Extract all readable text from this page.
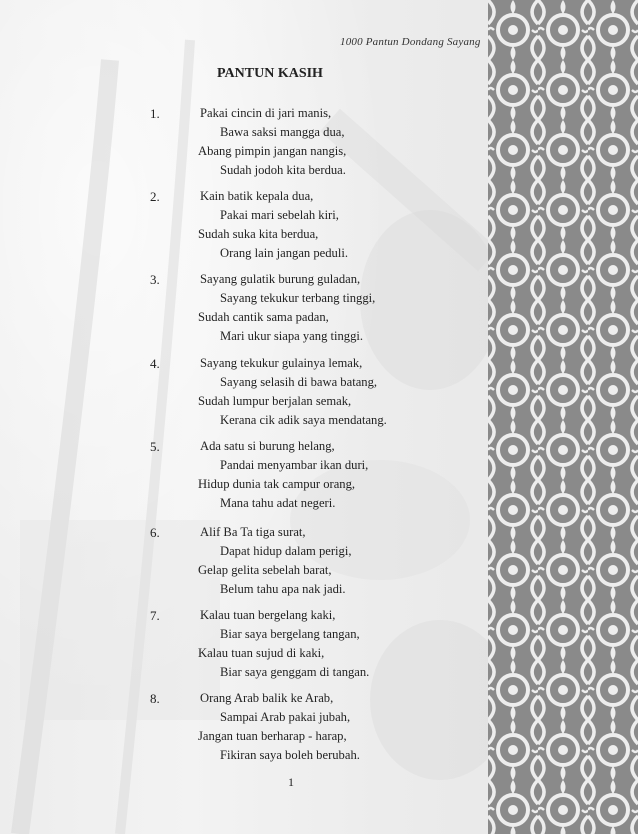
1000 Pantun Dondang Sayang
PANTUN KASIH
1.	Pakai cincin di jari manis,
Bawa saksi mangga dua,
Abang pimpin jangan nangis,
Sudah jodoh kita berdua.
2.	Kain batik kepala dua,
Pakai mari sebelah kiri,
Sudah suka kita berdua,
Orang lain jangan peduli.
3.	Sayang gulatik burung guladan,
Sayang tekukur terbang tinggi,
Sudah cantik sama padan,
Mari ukur siapa yang tinggi.
4.	Sayang tekukur gulainya lemak,
Sayang selasih di bawa batang,
Sudah lumpur berjalan semak,
Kerana cik adik saya mendatang.
5.	Ada satu si burung helang,
Pandai menyambar ikan duri,
Hidup dunia tak campur orang,
Mana tahu adat negeri.
6.	Alif Ba Ta tiga surat,
Dapat hidup dalam perigi,
Gelap gelita sebelah barat,
Belum tahu apa nak jadi.
7.	Kalau tuan bergelang kaki,
Biar saya bergelang tangan,
Kalau tuan sujud di kaki,
Biar saya genggam di tangan.
8.	Orang Arab balik ke Arab,
Sampai Arab pakai jubah,
Jangan tuan berharap - harap,
Fikiran saya boleh berubah.
1
